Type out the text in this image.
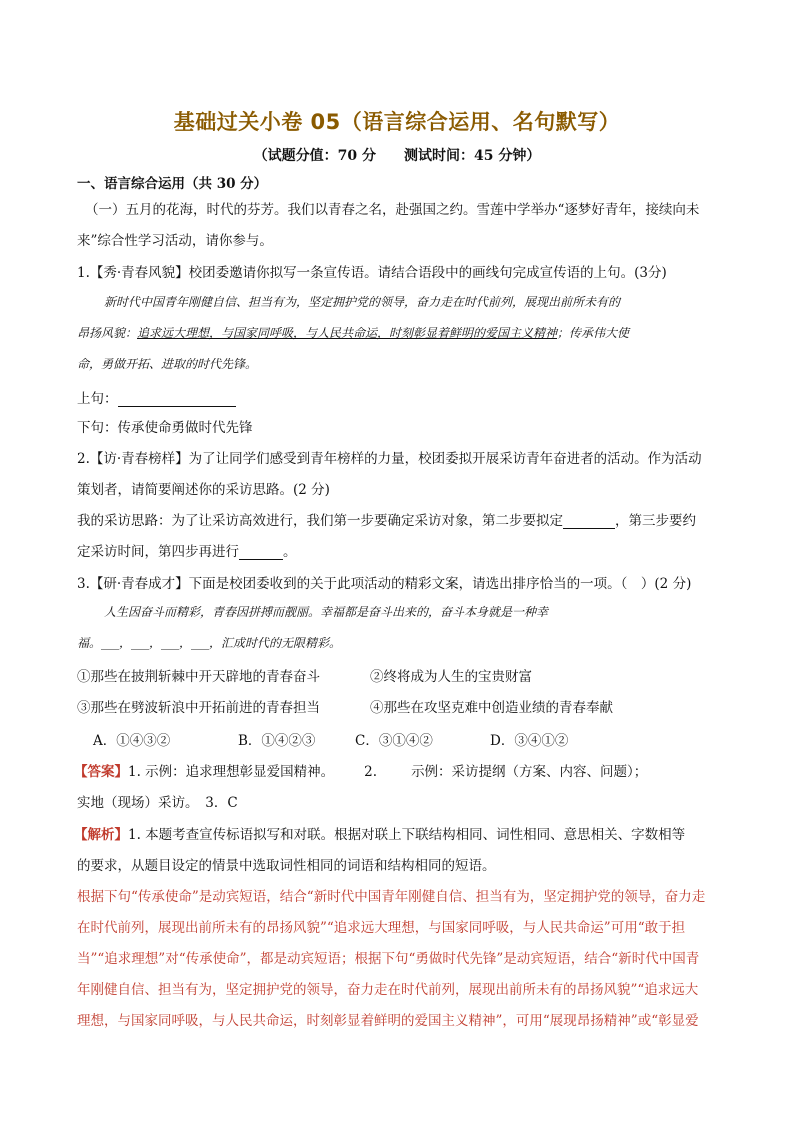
基础过关小卷 05（语言综合运用、名句默写）
（试题分值：70 分 测试时间：45 分钟）
一、语言综合运用（共 30 分）
（一）五月的花海，时代的芬芳。我们以青春之名，赴强国之约。雪莲中学举办“逐梦好青年，接续向未
来”综合性学习活动，请你参与。
1.【秀·青春风貌】校团委邀请你拟写一条宣传语。请结合语段中的画线句完成宣传语的上句。(3分)
新时代中国青年刚健自信、担当有为，坚定拥护党的领导，奋力走在时代前列，展现出前所未有的
昂扬风貌：追求远大理想，与国家同呼吸，与人民共命运，时刻彰显着鲜明的爱国主义精神；传承伟大使
命，勇做开拓、进取的时代先锋。
上句：
下句：传承使命勇做时代先锋
2.【访·青春榜样】为了让同学们感受到青年榜样的力量，校团委拟开展采访青年奋进者的活动。作为活动
策划者，请简要阐述你的采访思路。(2 分)
我的采访思路：为了让采访高效进行，我们第一步要确定采访对象，第二步要拟定	，第三步要约
定采访时间，第四步再进行	。
3.【研·青春成才】下面是校团委收到的关于此项活动的精彩文案，请选出排序恰当的一项。（　）(2 分)
人生因奋斗而精彩，青春因拼搏而靓丽。幸福都是奋斗出来的，奋斗本身就是一种幸
福。___，___，___，___，汇成时代的无限精彩。
①那些在披荆斩棘中开天辟地的青春奋斗	②终将成为人生的宝贵财富
③那些在劈波斩浪中开拓前进的青春担当	④那些在攻坚克难中创造业绩的青春奉献
A．①④③②	B．①④②③	C．③①④②	D．③④①②
【答案】1. 示例：追求理想彰显爱国精神。 2.	示例：采访提纲（方案、内容、问题）；
实地（现场）采访。　3．C
【解析】1. 本题考查宣传标语拟写和对联。根据对联上下联结构相同、词性相同、意思相关、字数相等
的要求，从题目设定的情景中选取词性相同的词语和结构相同的短语。
根据下句“传承使命”是动宾短语，结合“新时代中国青年刚健自信、担当有为，坚定拥护党的领导，奋力走
在时代前列，展现出前所未有的昂扬风貌”“追求远大理想，与国家同呼吸，与人民共命运”可用“敢于担
当”“追求理想”对“传承使命”，都是动宾短语；根据下句“勇做时代先锋”是动宾短语，结合“新时代中国青
年刚健自信、担当有为，坚定拥护党的领导，奋力走在时代前列，展现出前所未有的昂扬风貌”“追求远大
理想，与国家同呼吸，与人民共命运，时刻彰显着鲜明的爱国主义精神”，可用“展现昂扬精神”或“彰显爱
